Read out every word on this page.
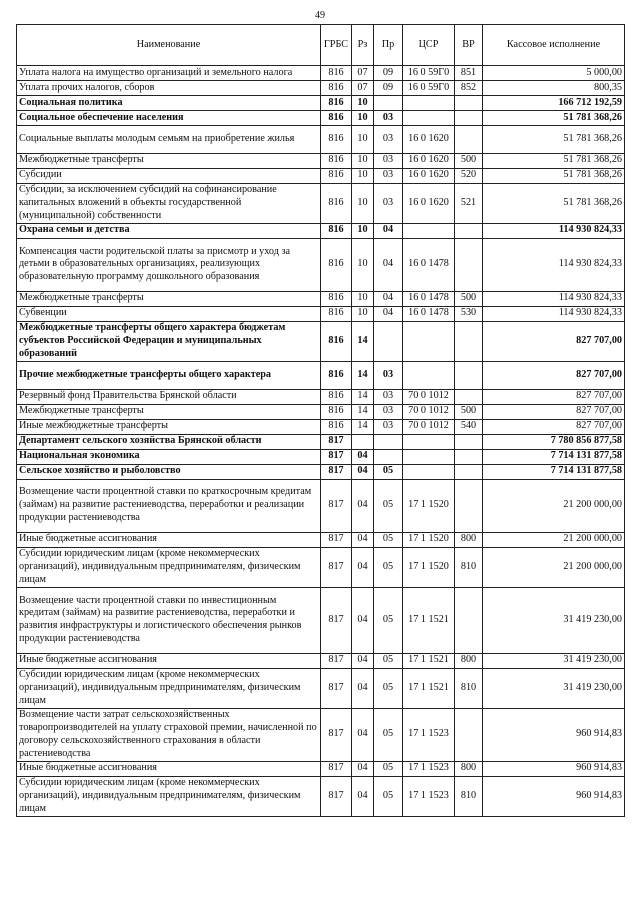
49
Наименование	ГРБС	Рз	Пр	ЦСР	ВР	Кассовое исполнение
Уплата налога на имущество организаций и земельного налога	816	07	09	16 0 59Г0	851	5 000,00
Уплата прочих налогов, сборов	816	07	09	16 0 59Г0	852	800,35
Социальная политика	816	10				166 712 192,59
Социальное обеспечение населения	816	10	03			51 781 368,26
Социальные выплаты молодым семьям на приобретение жилья	816	10	03	16 0 1620		51 781 368,26
Межбюджетные трансферты	816	10	03	16 0 1620	500	51 781 368,26
Субсидии	816	10	03	16 0 1620	520	51 781 368,26
Субсидии, за исключением субсидий на софинансирование капитальных вложений в объекты государственной (муниципальной) собственности	816	10	03	16 0 1620	521	51 781 368,26
Охрана семьи и детства	816	10	04			114 930 824,33
Компенсация части родительской платы за присмотр и уход за детьми в образовательных организациях, реализующих образовательную программу дошкольного образования	816	10	04	16 0 1478		114 930 824,33
Межбюджетные трансферты	816	10	04	16 0 1478	500	114 930 824,33
Субвенции	816	10	04	16 0 1478	530	114 930 824,33
Межбюджетные трансферты общего характера бюджетам субъектов Российской Федерации и муниципальных образований	816	14				827 707,00
Прочие межбюджетные трансферты общего характера	816	14	03			827 707,00
Резервный фонд Правительства Брянской области	816	14	03	70 0 1012		827 707,00
Межбюджетные трансферты	816	14	03	70 0 1012	500	827 707,00
Иные межбюджетные трансферты	816	14	03	70 0 1012	540	827 707,00
Департамент сельского хозяйства Брянской области	817					7 780 856 877,58
Национальная экономика	817	04				7 714 131 877,58
Сельское хозяйство и рыболовство	817	04	05			7 714 131 877,58
Возмещение части процентной ставки по краткосрочным кредитам (займам) на развитие растениеводства, переработки и реализации продукции растениеводства	817	04	05	17 1 1520		21 200 000,00
Иные бюджетные ассигнования	817	04	05	17 1 1520	800	21 200 000,00
Субсидии юридическим лицам (кроме некоммерческих организаций), индивидуальным предпринимателям, физическим лицам	817	04	05	17 1 1520	810	21 200 000,00
Возмещение части процентной ставки по инвестиционным кредитам (займам) на развитие растениеводства, переработки и развития инфраструктуры и логистического обеспечения рынков продукции растениеводства	817	04	05	17 1 1521		31 419 230,00
Иные бюджетные ассигнования	817	04	05	17 1 1521	800	31 419 230,00
Субсидии юридическим лицам (кроме некоммерческих организаций), индивидуальным предпринимателям, физическим лицам	817	04	05	17 1 1521	810	31 419 230,00
Возмещение части затрат сельскохозяйственных товаропроизводителей на уплату страховой премии, начисленной по договору сельскохозяйственного страхования в области растениеводства	817	04	05	17 1 1523		960 914,83
Иные бюджетные ассигнования	817	04	05	17 1 1523	800	960 914,83
Субсидии юридическим лицам (кроме некоммерческих организаций), индивидуальным предпринимателям, физическим лицам	817	04	05	17 1 1523	810	960 914,83
